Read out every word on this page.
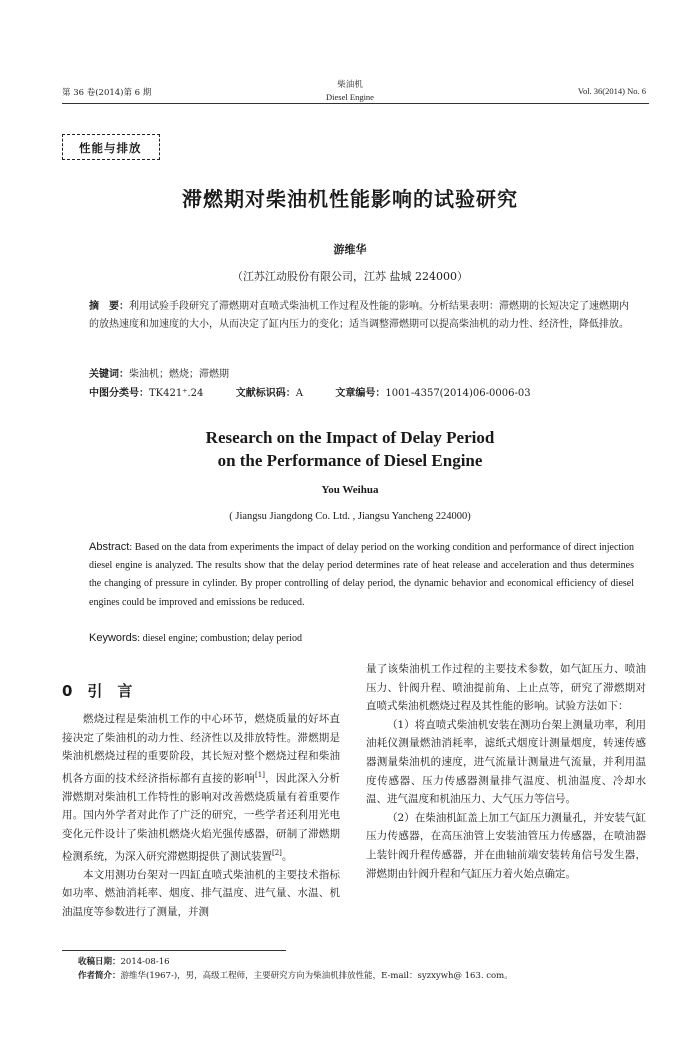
第 36 卷(2014)第 6 期
柴油机
Diesel Engine
Vol. 36(2014) No. 6
性能与排放
滞燃期对柴油机性能影响的试验研究
游维华
（江苏江动股份有限公司，江苏 盐城 224000）
摘　要：利用试验手段研究了滞燃期对直喷式柴油机工作过程及性能的影响。分析结果表明：滞燃期的长短决定了速燃期内的放热速度和加速度的大小，从而决定了缸内压力的变化；适当调整滞燃期可以提高柴油机的动力性、经济性，降低排放。
关键词：柴油机；燃烧；滞燃期
中图分类号：TK421⁺.24	文献标识码：A	文章编号：1001-4357(2014)06-0006-03
Research on the Impact of Delay Period
on the Performance of Diesel Engine
You Weihua
( Jiangsu Jiangdong Co. Ltd. , Jiangsu Yancheng 224000)
Abstract: Based on the data from experiments the impact of delay period on the working condition and performance of direct injection diesel engine is analyzed. The results show that the delay period determines rate of heat release and acceleration and thus determines the changing of pressure in cylinder. By proper controlling of delay period, the dynamic behavior and economical efficiency of diesel engines could be improved and emissions be reduced.
Keywords: diesel engine; combustion; delay period
0　引　言

燃烧过程是柴油机工作的中心环节，燃烧质量的好坏直接决定了柴油机的动力性、经济性以及排放特性。滞燃期是柴油机燃烧过程的重要阶段，其长短对整个燃烧过程和柴油机各方面的技术经济指标都有直接的影响[1]，因此深入分析滞燃期对柴油机工作特性的影响对改善燃烧质量有着重要作用。国内外学者对此作了广泛的研究，一些学者还利用光电变化元件设计了柴油机燃烧火焰光强传感器，研制了滞燃期检测系统，为深入研究滞燃期提供了测试装置[2]。

本文用测功台架对一四缸直喷式柴油机的主要技术指标如功率、燃油消耗率、烟度、排气温度、进气量、水温、机油温度等参数进行了测量，并测

量了该柴油机工作过程的主要技术参数，如气缸压力、喷油压力、针阀升程、喷油提前角、上止点等，研究了滞燃期对直喷式柴油机燃烧过程及其性能的影响。试验方法如下：

（1）将直喷式柴油机安装在测功台架上测量功率，利用油耗仪测量燃油消耗率，滤纸式烟度计测量烟度，转速传感器测量柴油机的速度，进气流量计测量进气流量，并利用温度传感器、压力传感器测量排气温度、机油温度、冷却水温、进气温度和机油压力、大气压力等信号。

（2）在柴油机缸盖上加工气缸压力测量孔，并安装气缸压力传感器，在高压油管上安装油管压力传感器，在喷油器上装针阀升程传感器，并在曲轴前端安装转角信号发生器，滞燃期由针阀升程和气缸压力着火始点确定。

收稿日期：2014-08-16
作者简介：游维华(1967-)，男，高级工程师，主要研究方向为柴油机排放性能，E-mail：syzxywh@ 163. com。
